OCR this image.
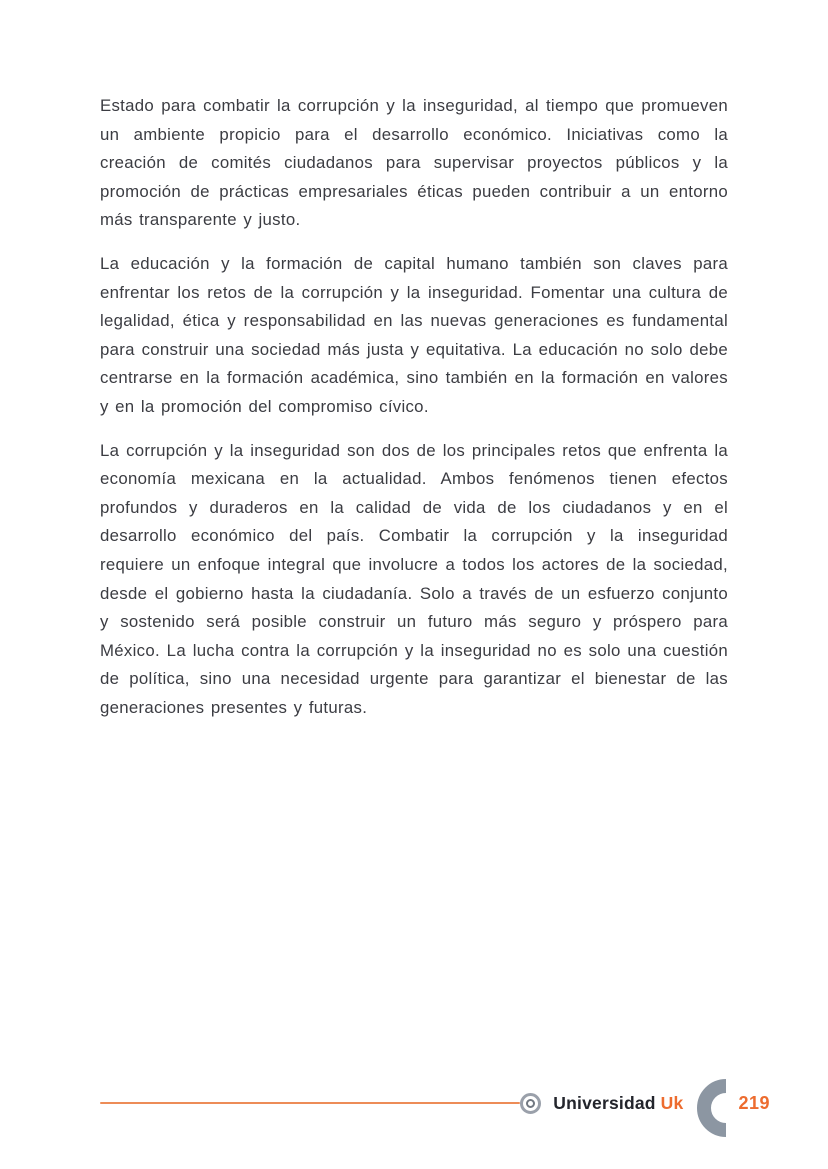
Estado para combatir la corrupción y la inseguridad, al tiempo que promueven un ambiente propicio para el desarrollo económico. Iniciativas como la creación de comités ciudadanos para supervisar proyectos públicos y la promoción de prácticas empresariales éticas pueden contribuir a un entorno más transparente y justo.

La educación y la formación de capital humano también son claves para enfrentar los retos de la corrupción y la inseguridad. Fomentar una cultura de legalidad, ética y responsabilidad en las nuevas generaciones es fundamental para construir una sociedad más justa y equitativa. La educación no solo debe centrarse en la formación académica, sino también en la formación en valores y en la promoción del compromiso cívico.

La corrupción y la inseguridad son dos de los principales retos que enfrenta la economía mexicana en la actualidad. Ambos fenómenos tienen efectos profundos y duraderos en la calidad de vida de los ciudadanos y en el desarrollo económico del país. Combatir la corrupción y la inseguridad requiere un enfoque integral que involucre a todos los actores de la sociedad, desde el gobierno hasta la ciudadanía. Solo a través de un esfuerzo conjunto y sostenido será posible construir un futuro más seguro y próspero para México. La lucha contra la corrupción y la inseguridad no es solo una cuestión de política, sino una necesidad urgente para garantizar el bienestar de las generaciones presentes y futuras.

Universidad Uk	219
